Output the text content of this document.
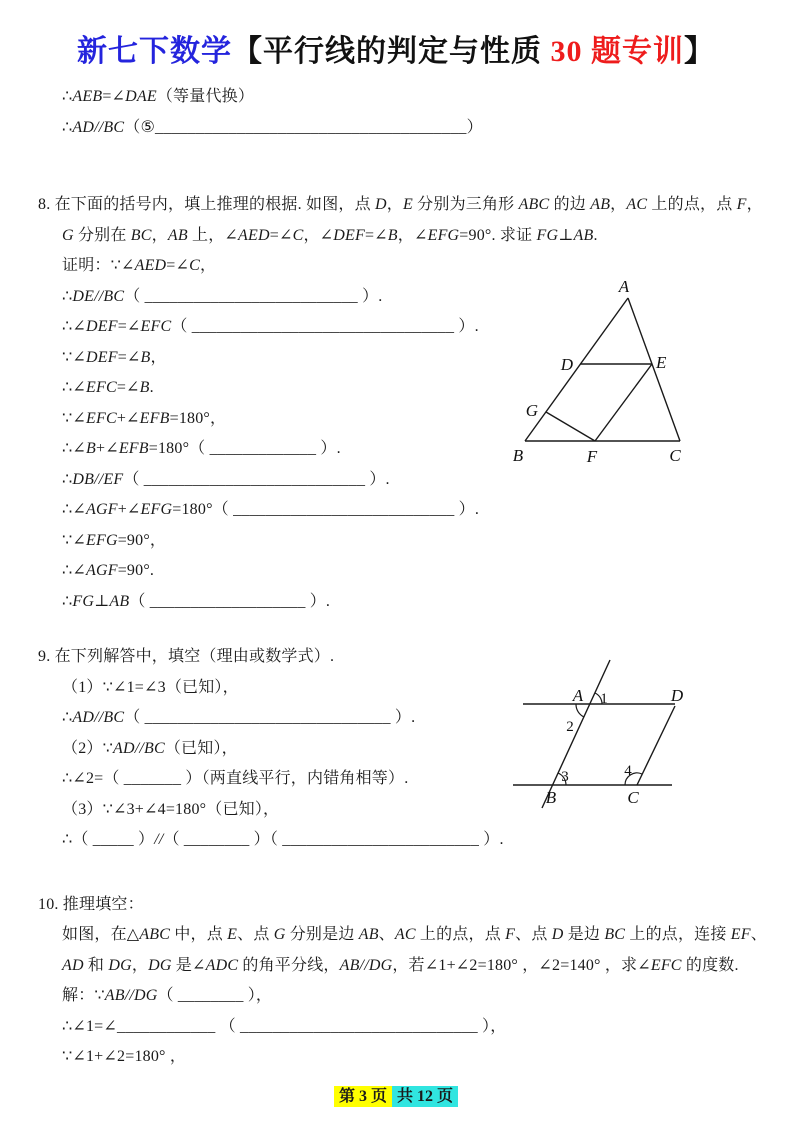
新七下数学【平行线的判定与性质 30 题专训】
∴AEB=∠DAE（等量代换）
∴AD//BC（⑤______________________________________）
8. 在下面的括号内，填上推理的根据. 如图，点 D，E 分别为三角形 ABC 的边 AB，AC 上的点，点 F，
G 分别在 BC，AB 上，∠AED=∠C，∠DEF=∠B，∠EFG=90°. 求证 FG⊥AB.
证明：∵∠AED=∠C，
∴DE//BC（ __________________________ ）.
∴∠DEF=∠EFC（ ________________________________ ）.
∵∠DEF=∠B，
∴∠EFC=∠B.
∵∠EFC+∠EFB=180°，
∴∠B+∠EFB=180°（ _____________ ）.
∴DB//EF（ ___________________________ ）.
∴∠AGF+∠EFG=180°（ ___________________________ ）.
∵∠EFG=90°，
∴∠AGF=90°.
∴FG⊥AB（ ___________________ ）.
9. 在下列解答中，填空（理由或数学式）.
（1）∵∠1=∠3（已知），
∴AD//BC（ ______________________________ ）.
（2）∵AD//BC（已知），
∴∠2=（ _______ ）（两直线平行，内错角相等）.
（3）∵∠3+∠4=180°（已知），
∴（ _____ ）//（ ________ ）（ ________________________ ）.
10. 推理填空：
如图，在△ABC 中，点 E、点 G 分别是边 AB、AC 上的点，点 F、点 D 是边 BC 上的点，连接 EF、
AD 和 DG，DG 是∠ADC 的角平分线，AB//DG，若∠1+∠2=180° ，∠2=140° ，求∠EFC 的度数.
解：∵AB//DG（ ________ ），
∴∠1=∠____________ （ _____________________________ ），
∵∠1+∠2=180° ，
A
B	C
D	E
F
G
A 1
2
D
3	4
B	C
第 3 页 共 12 页
